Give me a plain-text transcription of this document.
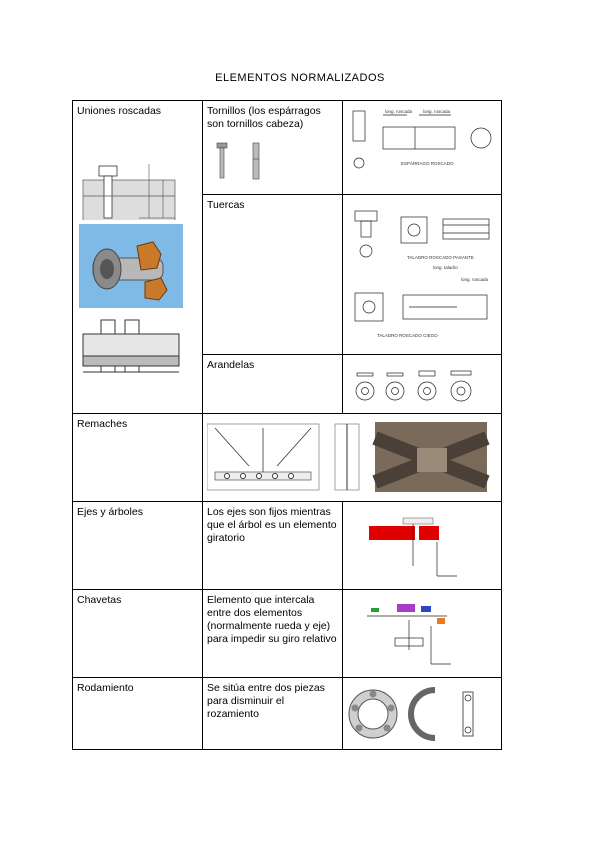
ELEMENTOS NORMALIZADOS
Uniones roscadas	Tornillos (los espárragos son tornillos cabeza)	long. roscada long. roscada
ESPÁRRAGO ROSCADO

	Tuercas	TALADRO ROSCADO PASANTE
long. taladro
long. roscada
TALADRO ROSCADO CIEGO

	Arandelas

Remaches

Ejes y árboles	Los ejes son fijos mientras que el árbol es un elemento giratorio

Chavetas	Elemento que intercala entre dos elementos (normalmente rueda y eje) para impedir su giro relativo

Rodamiento	Se sitúa entre dos piezas para disminuir el rozamiento
